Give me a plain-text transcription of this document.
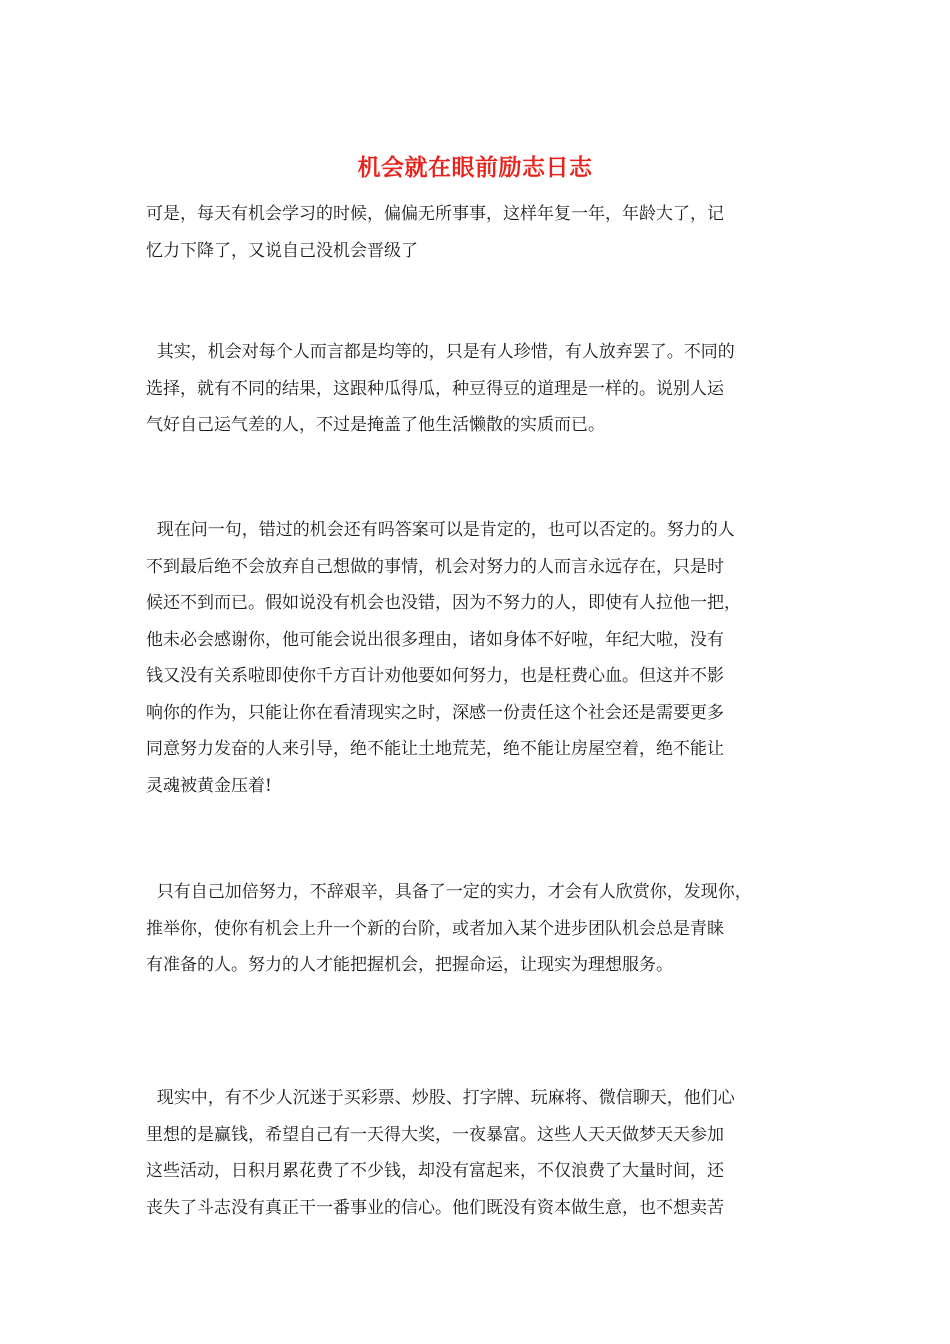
机会就在眼前励志日志
可是，每天有机会学习的时候，偏偏无所事事，这样年复一年，年龄大了，记
忆力下降了，又说自己没机会晋级了
其实，机会对每个人而言都是均等的，只是有人珍惜，有人放弃罢了。不同的
选择，就有不同的结果，这跟种瓜得瓜，种豆得豆的道理是一样的。说别人运
气好自己运气差的人，不过是掩盖了他生活懒散的实质而已。
现在问一句，错过的机会还有吗答案可以是肯定的，也可以否定的。努力的人
不到最后绝不会放弃自己想做的事情，机会对努力的人而言永远存在，只是时
候还不到而已。假如说没有机会也没错，因为不努力的人，即使有人拉他一把，
他未必会感谢你，他可能会说出很多理由，诸如身体不好啦，年纪大啦，没有
钱又没有关系啦即使你千方百计劝他要如何努力，也是枉费心血。但这并不影
响你的作为，只能让你在看清现实之时，深感一份责任这个社会还是需要更多
同意努力发奋的人来引导，绝不能让土地荒芜，绝不能让房屋空着，绝不能让
灵魂被黄金压着!
只有自己加倍努力，不辞艰辛，具备了一定的实力，才会有人欣赏你，发现你，
推举你，使你有机会上升一个新的台阶，或者加入某个进步团队机会总是青睐
有准备的人。努力的人才能把握机会，把握命运，让现实为理想服务。
现实中，有不少人沉迷于买彩票、炒股、打字牌、玩麻将、微信聊天，他们心
里想的是赢钱，希望自己有一天得大奖，一夜暴富。这些人天天做梦天天参加
这些活动，日积月累花费了不少钱，却没有富起来，不仅浪费了大量时间，还
丧失了斗志没有真正干一番事业的信心。他们既没有资本做生意，也不想卖苦
